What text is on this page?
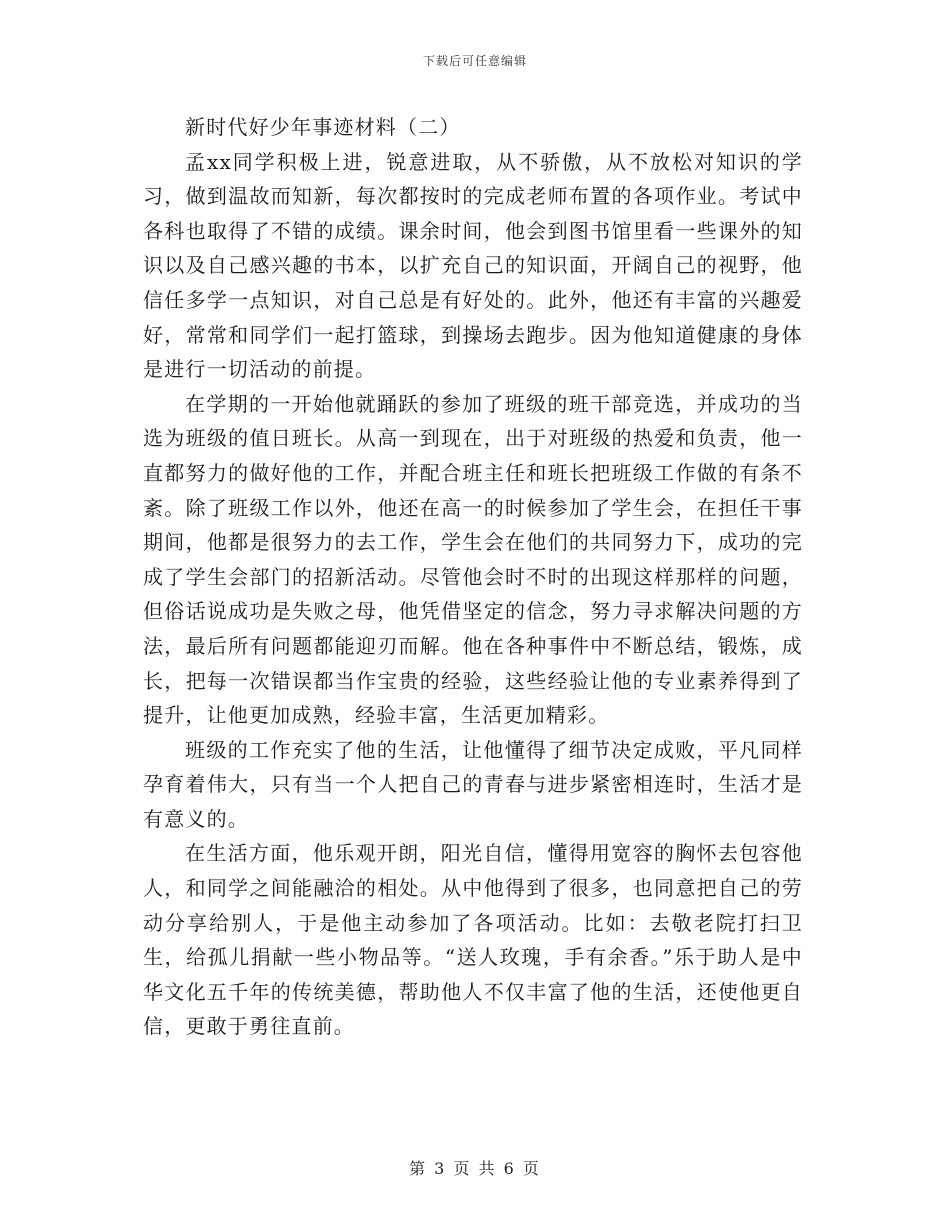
下载后可任意编辑

新时代好少年事迹材料（二）

孟xx同学积极上进，锐意进取，从不骄傲，从不放松对知识的学习，做到温故而知新，每次都按时的完成老师布置的各项作业。考试中各科也取得了不错的成绩。课余时间，他会到图书馆里看一些课外的知识以及自己感兴趣的书本，以扩充自己的知识面，开阔自己的视野，他信任多学一点知识，对自己总是有好处的。此外，他还有丰富的兴趣爱好，常常和同学们一起打篮球，到操场去跑步。因为他知道健康的身体是进行一切活动的前提。

在学期的一开始他就踊跃的参加了班级的班干部竞选，并成功的当选为班级的值日班长。从高一到现在，出于对班级的热爱和负责，他一直都努力的做好他的工作，并配合班主任和班长把班级工作做的有条不紊。除了班级工作以外，他还在高一的时候参加了学生会，在担任干事期间，他都是很努力的去工作，学生会在他们的共同努力下，成功的完成了学生会部门的招新活动。尽管他会时不时的出现这样那样的问题，但俗话说成功是失败之母，他凭借坚定的信念，努力寻求解决问题的方法，最后所有问题都能迎刃而解。他在各种事件中不断总结，锻炼，成长，把每一次错误都当作宝贵的经验，这些经验让他的专业素养得到了提升，让他更加成熟，经验丰富，生活更加精彩。

班级的工作充实了他的生活，让他懂得了细节决定成败，平凡同样孕育着伟大，只有当一个人把自己的青春与进步紧密相连时，生活才是有意义的。

在生活方面，他乐观开朗，阳光自信，懂得用宽容的胸怀去包容他人，和同学之间能融洽的相处。从中他得到了很多，也同意把自己的劳动分享给别人，于是他主动参加了各项活动。比如：去敬老院打扫卫生，给孤儿捐献一些小物品等。“送人玫瑰，手有余香。”乐于助人是中华文化五千年的传统美德，帮助他人不仅丰富了他的生活，还使他更自信，更敢于勇往直前。

第 3 页 共 6 页
